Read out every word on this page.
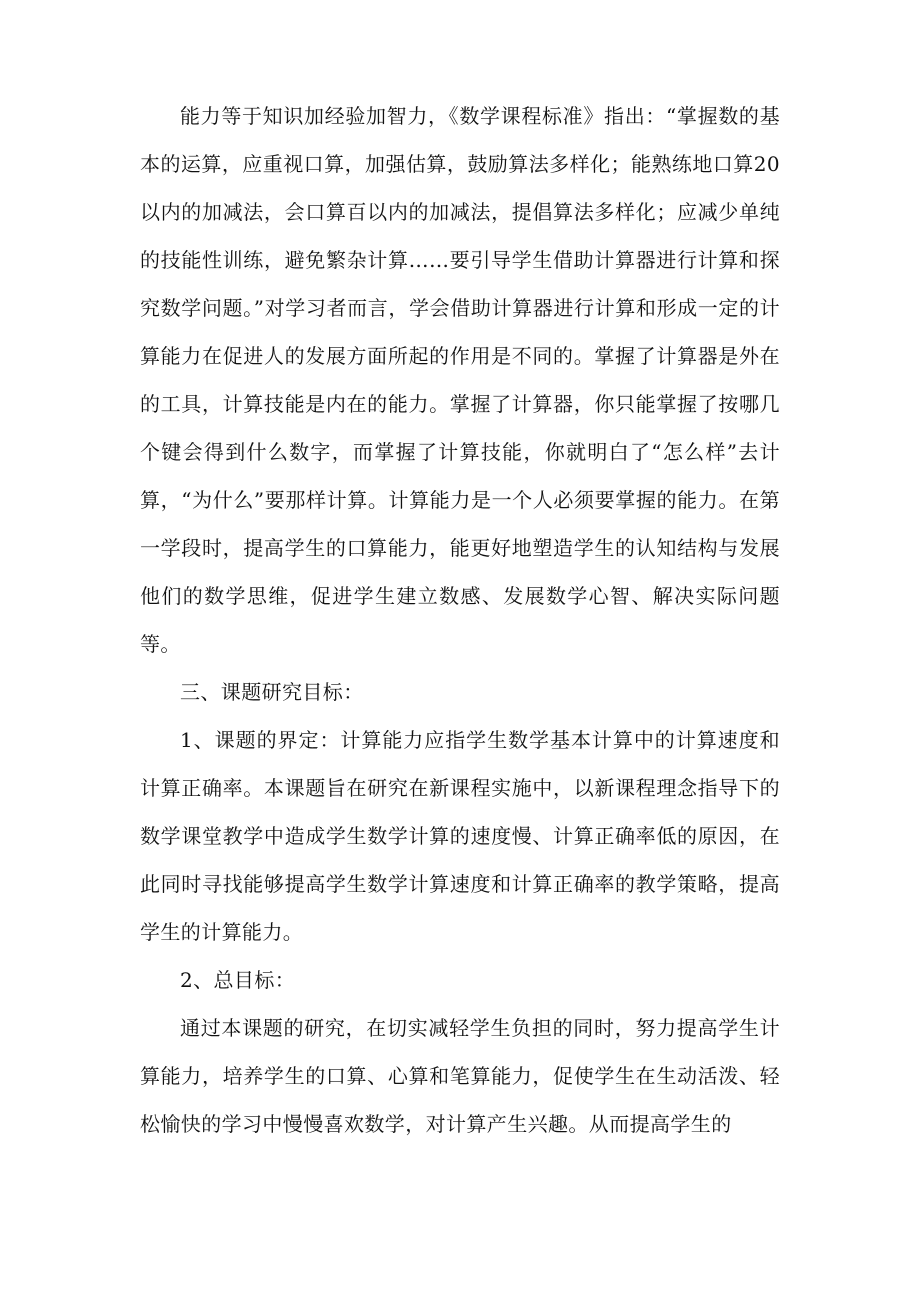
能力等于知识加经验加智力，《数学课程标准》指出：“掌握数的基本的运算，应重视口算，加强估算，鼓励算法多样化；能熟练地口算20以内的加减法，会口算百以内的加减法，提倡算法多样化；应减少单纯的技能性训练，避免繁杂计算……要引导学生借助计算器进行计算和探究数学问题。”对学习者而言，学会借助计算器进行计算和形成一定的计算能力在促进人的发展方面所起的作用是不同的。掌握了计算器是外在的工具，计算技能是内在的能力。掌握了计算器，你只能掌握了按哪几个键会得到什么数字，而掌握了计算技能，你就明白了“怎么样”去计算，“为什么”要那样计算。计算能力是一个人必须要掌握的能力。在第一学段时，提高学生的口算能力，能更好地塑造学生的认知结构与发展他们的数学思维，促进学生建立数感、发展数学心智、解决实际问题等。

三、课题研究目标：

1、课题的界定：计算能力应指学生数学基本计算中的计算速度和计算正确率。本课题旨在研究在新课程实施中，以新课程理念指导下的数学课堂教学中造成学生数学计算的速度慢、计算正确率低的原因，在此同时寻找能够提高学生数学计算速度和计算正确率的教学策略，提高学生的计算能力。

2、总目标：

通过本课题的研究，在切实减轻学生负担的同时，努力提高学生计算能力，培养学生的口算、心算和笔算能力，促使学生在生动活泼、轻松愉快的学习中慢慢喜欢数学，对计算产生兴趣。从而提高学生的
